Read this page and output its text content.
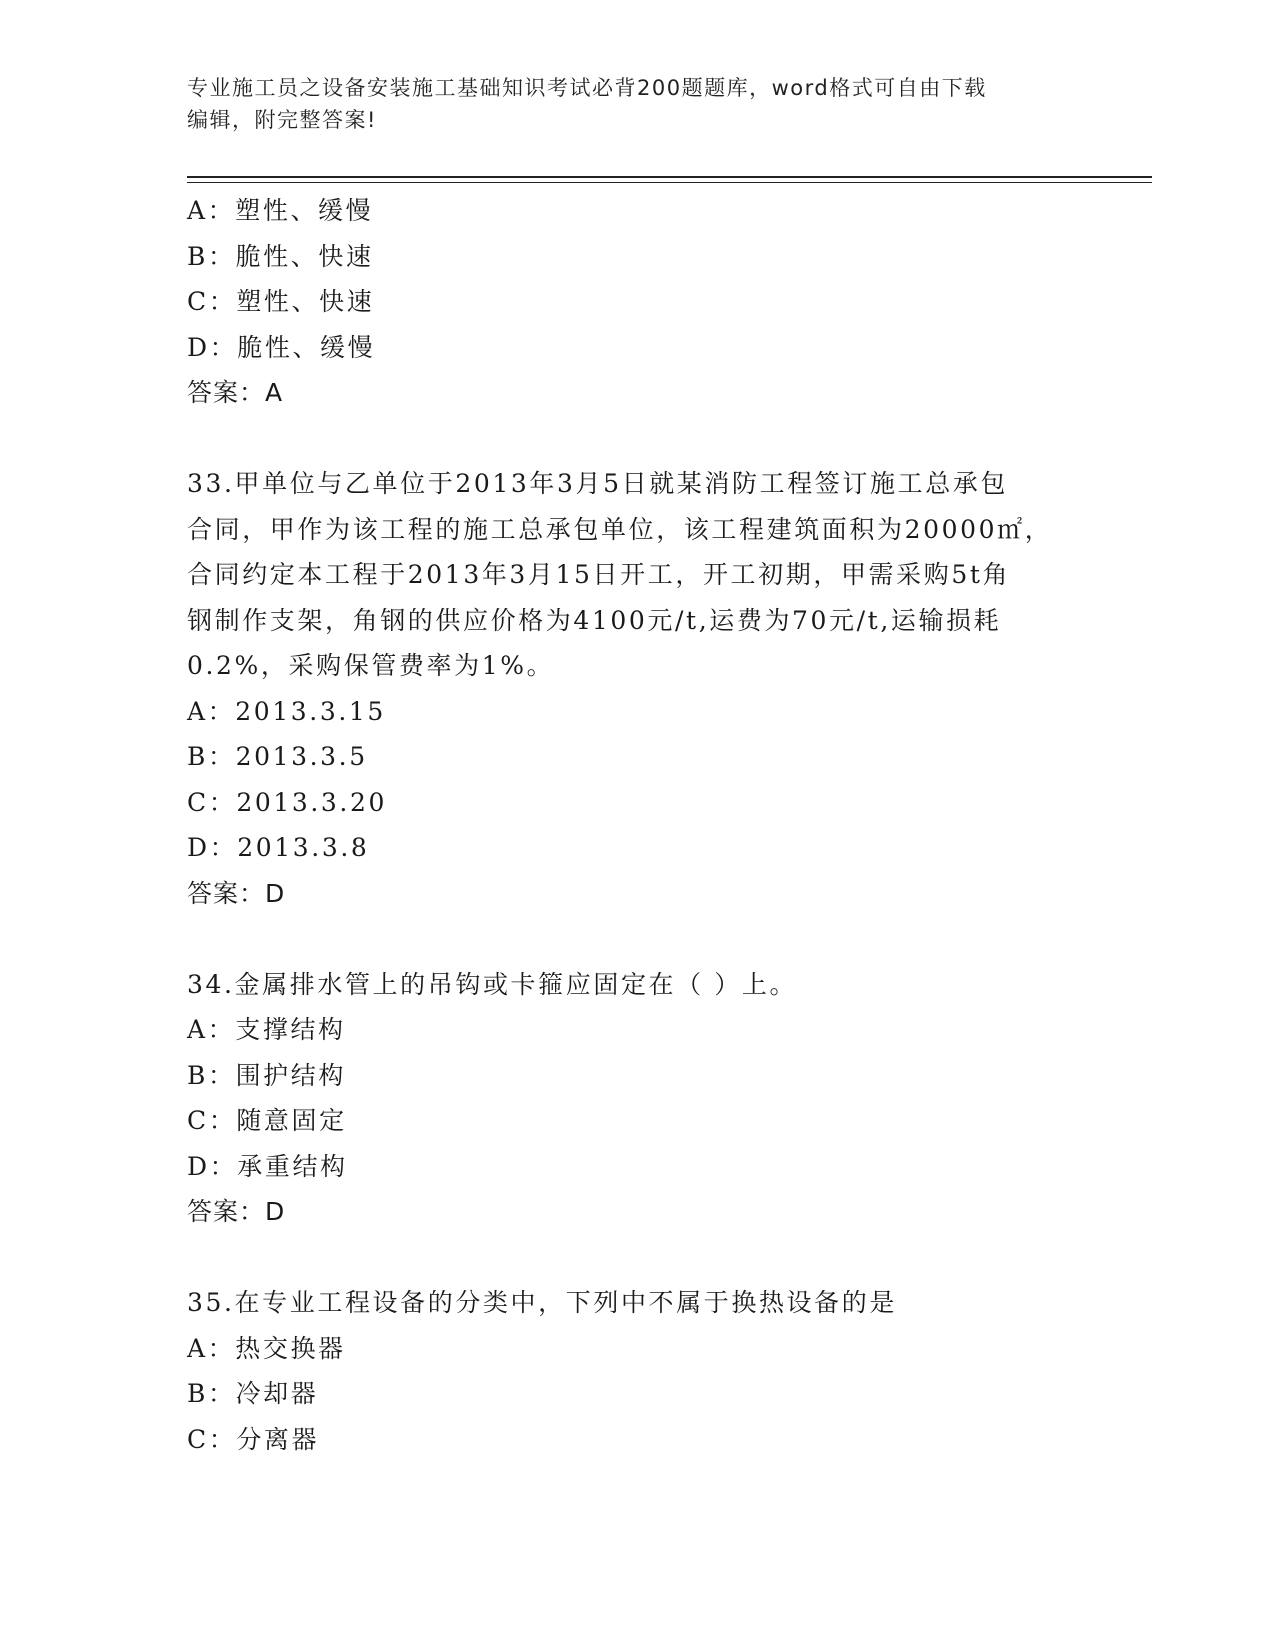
专业施工员之设备安装施工基础知识考试必背200题题库，word格式可自由下载
编辑，附完整答案!
A：塑性、缓慢
B：脆性、快速
C：塑性、快速
D：脆性、缓慢
答案：A
33.甲单位与乙单位于2013年3月5日就某消防工程签订施工总承包
合同，甲作为该工程的施工总承包单位，该工程建筑面积为20000㎡，
合同约定本工程于2013年3月15日开工，开工初期，甲需采购5t角
钢制作支架，角钢的供应价格为4100元/t,运费为70元/t,运输损耗
0.2%，采购保管费率为1%。
A：2013.3.15
B：2013.3.5
C：2013.3.20
D：2013.3.8
答案：D
34.金属排水管上的吊钩或卡箍应固定在（ ）上。
A：支撑结构
B：围护结构
C：随意固定
D：承重结构
答案：D
35.在专业工程设备的分类中，下列中不属于换热设备的是
A：热交换器
B：冷却器
C：分离器
